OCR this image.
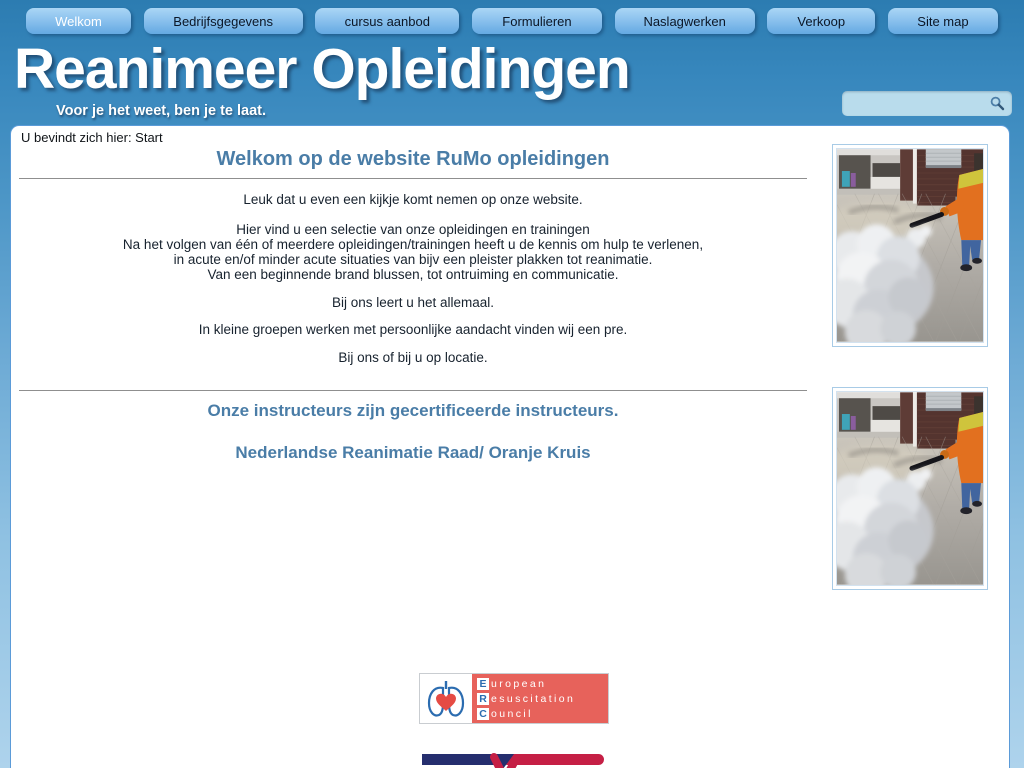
Welkom	Bedrijfsgegevens	cursus aanbod	Formulieren	Naslagwerken	Verkoop	Site map
Reanimeer Opleidingen
Voor je het weet, ben je te laat.
U bevindt zich hier: Start
Welkom op de website RuMo opleidingen
Leuk dat u even een kijkje komt nemen op onze website.
Hier vind u een selectie van onze opleidingen en trainingen
Na het volgen van één of meerdere opleidingen/trainingen heeft u de kennis om hulp te verlenen,
in acute en/of minder acute situaties van bijv een pleister plakken tot reanimatie.
Van een beginnende brand blussen, tot ontruiming en communicatie.
Bij ons leert u het allemaal.
In kleine groepen werken met persoonlijke aandacht vinden wij een pre.
Bij ons of bij u op locatie.
Onze instructeurs zijn gecertificeerde instructeurs.
Nederlandse Reanimatie Raad/ Oranje Kruis
E uropean
R esuscitation
C ouncil
